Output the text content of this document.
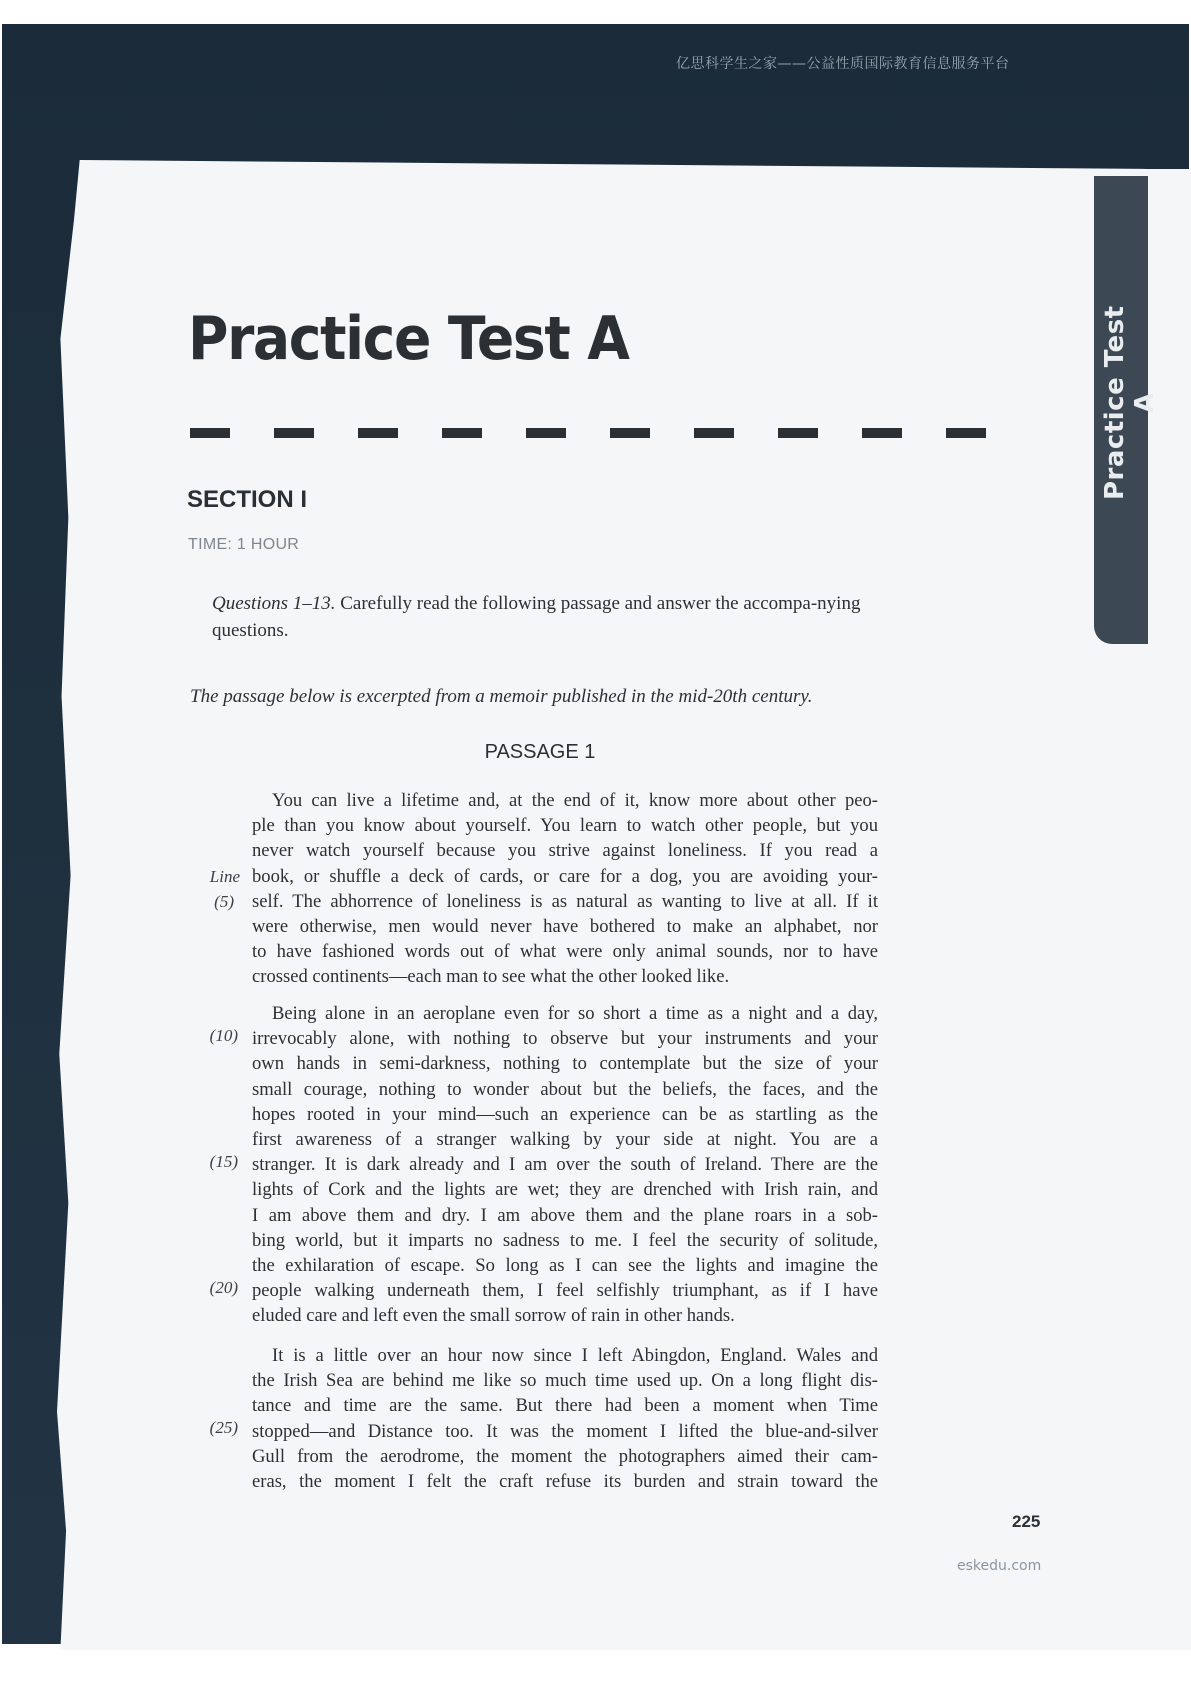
亿思科学生之家——公益性质国际教育信息服务平台
Practice Test A
Practice Test A
SECTION I
TIME: 1 HOUR

Questions 1–13. Carefully read the following passage and answer the accompa-nying questions.

The passage below is excerpted from a memoir published in the mid-20th century.

PASSAGE 1
You can live a lifetime and, at the end of it, know more about other peo-
ple than you know about yourself. You learn to watch other people, but you
never watch yourself because you strive against loneliness. If you read a
book, or shuffle a deck of cards, or care for a dog, you are avoiding your-
self. The abhorrence of loneliness is as natural as wanting to live at all. If it
were otherwise, men would never have bothered to make an alphabet, nor
to have fashioned words out of what were only animal sounds, nor to have
crossed continents—each man to see what the other looked like.
Being alone in an aeroplane even for so short a time as a night and a day,
irrevocably alone, with nothing to observe but your instruments and your
own hands in semi-darkness, nothing to contemplate but the size of your
small courage, nothing to wonder about but the beliefs, the faces, and the
hopes rooted in your mind—such an experience can be as startling as the
first awareness of a stranger walking by your side at night. You are a
stranger. It is dark already and I am over the south of Ireland. There are the
lights of Cork and the lights are wet; they are drenched with Irish rain, and
I am above them and dry. I am above them and the plane roars in a sob-
bing world, but it imparts no sadness to me. I feel the security of solitude,
the exhilaration of escape. So long as I can see the lights and imagine the
people walking underneath them, I feel selfishly triumphant, as if I have
eluded care and left even the small sorrow of rain in other hands.
It is a little over an hour now since I left Abingdon, England. Wales and
the Irish Sea are behind me like so much time used up. On a long flight dis-
tance and time are the same. But there had been a moment when Time
stopped—and Distance too. It was the moment I lifted the blue-and-silver
Gull from the aerodrome, the moment the photographers aimed their cam-
eras, the moment I felt the craft refuse its burden and strain toward the
Line
(5)
(10)
(15)
(20)
(25)
225
eskedu.com
